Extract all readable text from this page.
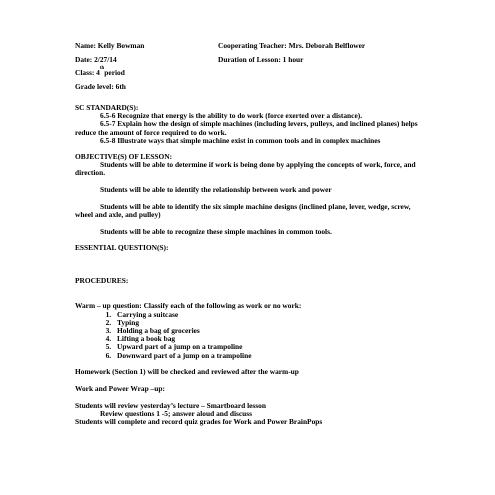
Name: Kelly Bowman	Cooperating Teacher: Mrs. Deborah Belflower
Date: 2/27/14	Duration of Lesson: 1 hour
Class: 4 th period
Grade level: 6th
SC STANDARD(S):

6.5-6 Recognize that energy is the ability to do work (force exerted over a distance).

6.5-7 Explain how the design of simple machines (including levers, pulleys, and inclined planes) helps reduce the amount of force required to do work.

6.5-8 Illustrate ways that simple machine exist in common tools and in complex machines

OBJECTIVE(S) OF LESSON:

Students will be able to determine if work is being done by applying the concepts of work, force, and direction.

Students will be able to identify the relationship between work and power

Students will be able to identify the six simple machine designs (inclined plane, lever, wedge, screw, wheel and axle, and pulley)

Students will be able to recognize these simple machines in common tools.

ESSENTIAL QUESTION(S):
PROCEDURES:
Warm – up question: Classify each of the following as work or no work:
1. Carrying a suitcase
2. Typing
3. Holding a bag of groceries
4. Lifting a book bag
5. Upward part of a jump on a trampoline
6. Downward part of a jump on a trampoline
Homework (Section 1) will be checked and reviewed after the warm-up
Work and Power Wrap –up:
Students will review yesterday’s lecture – Smartboard lesson
Review questions 1 -5; answer aloud and discuss
Students will complete and record quiz grades for Work and Power BrainPops
